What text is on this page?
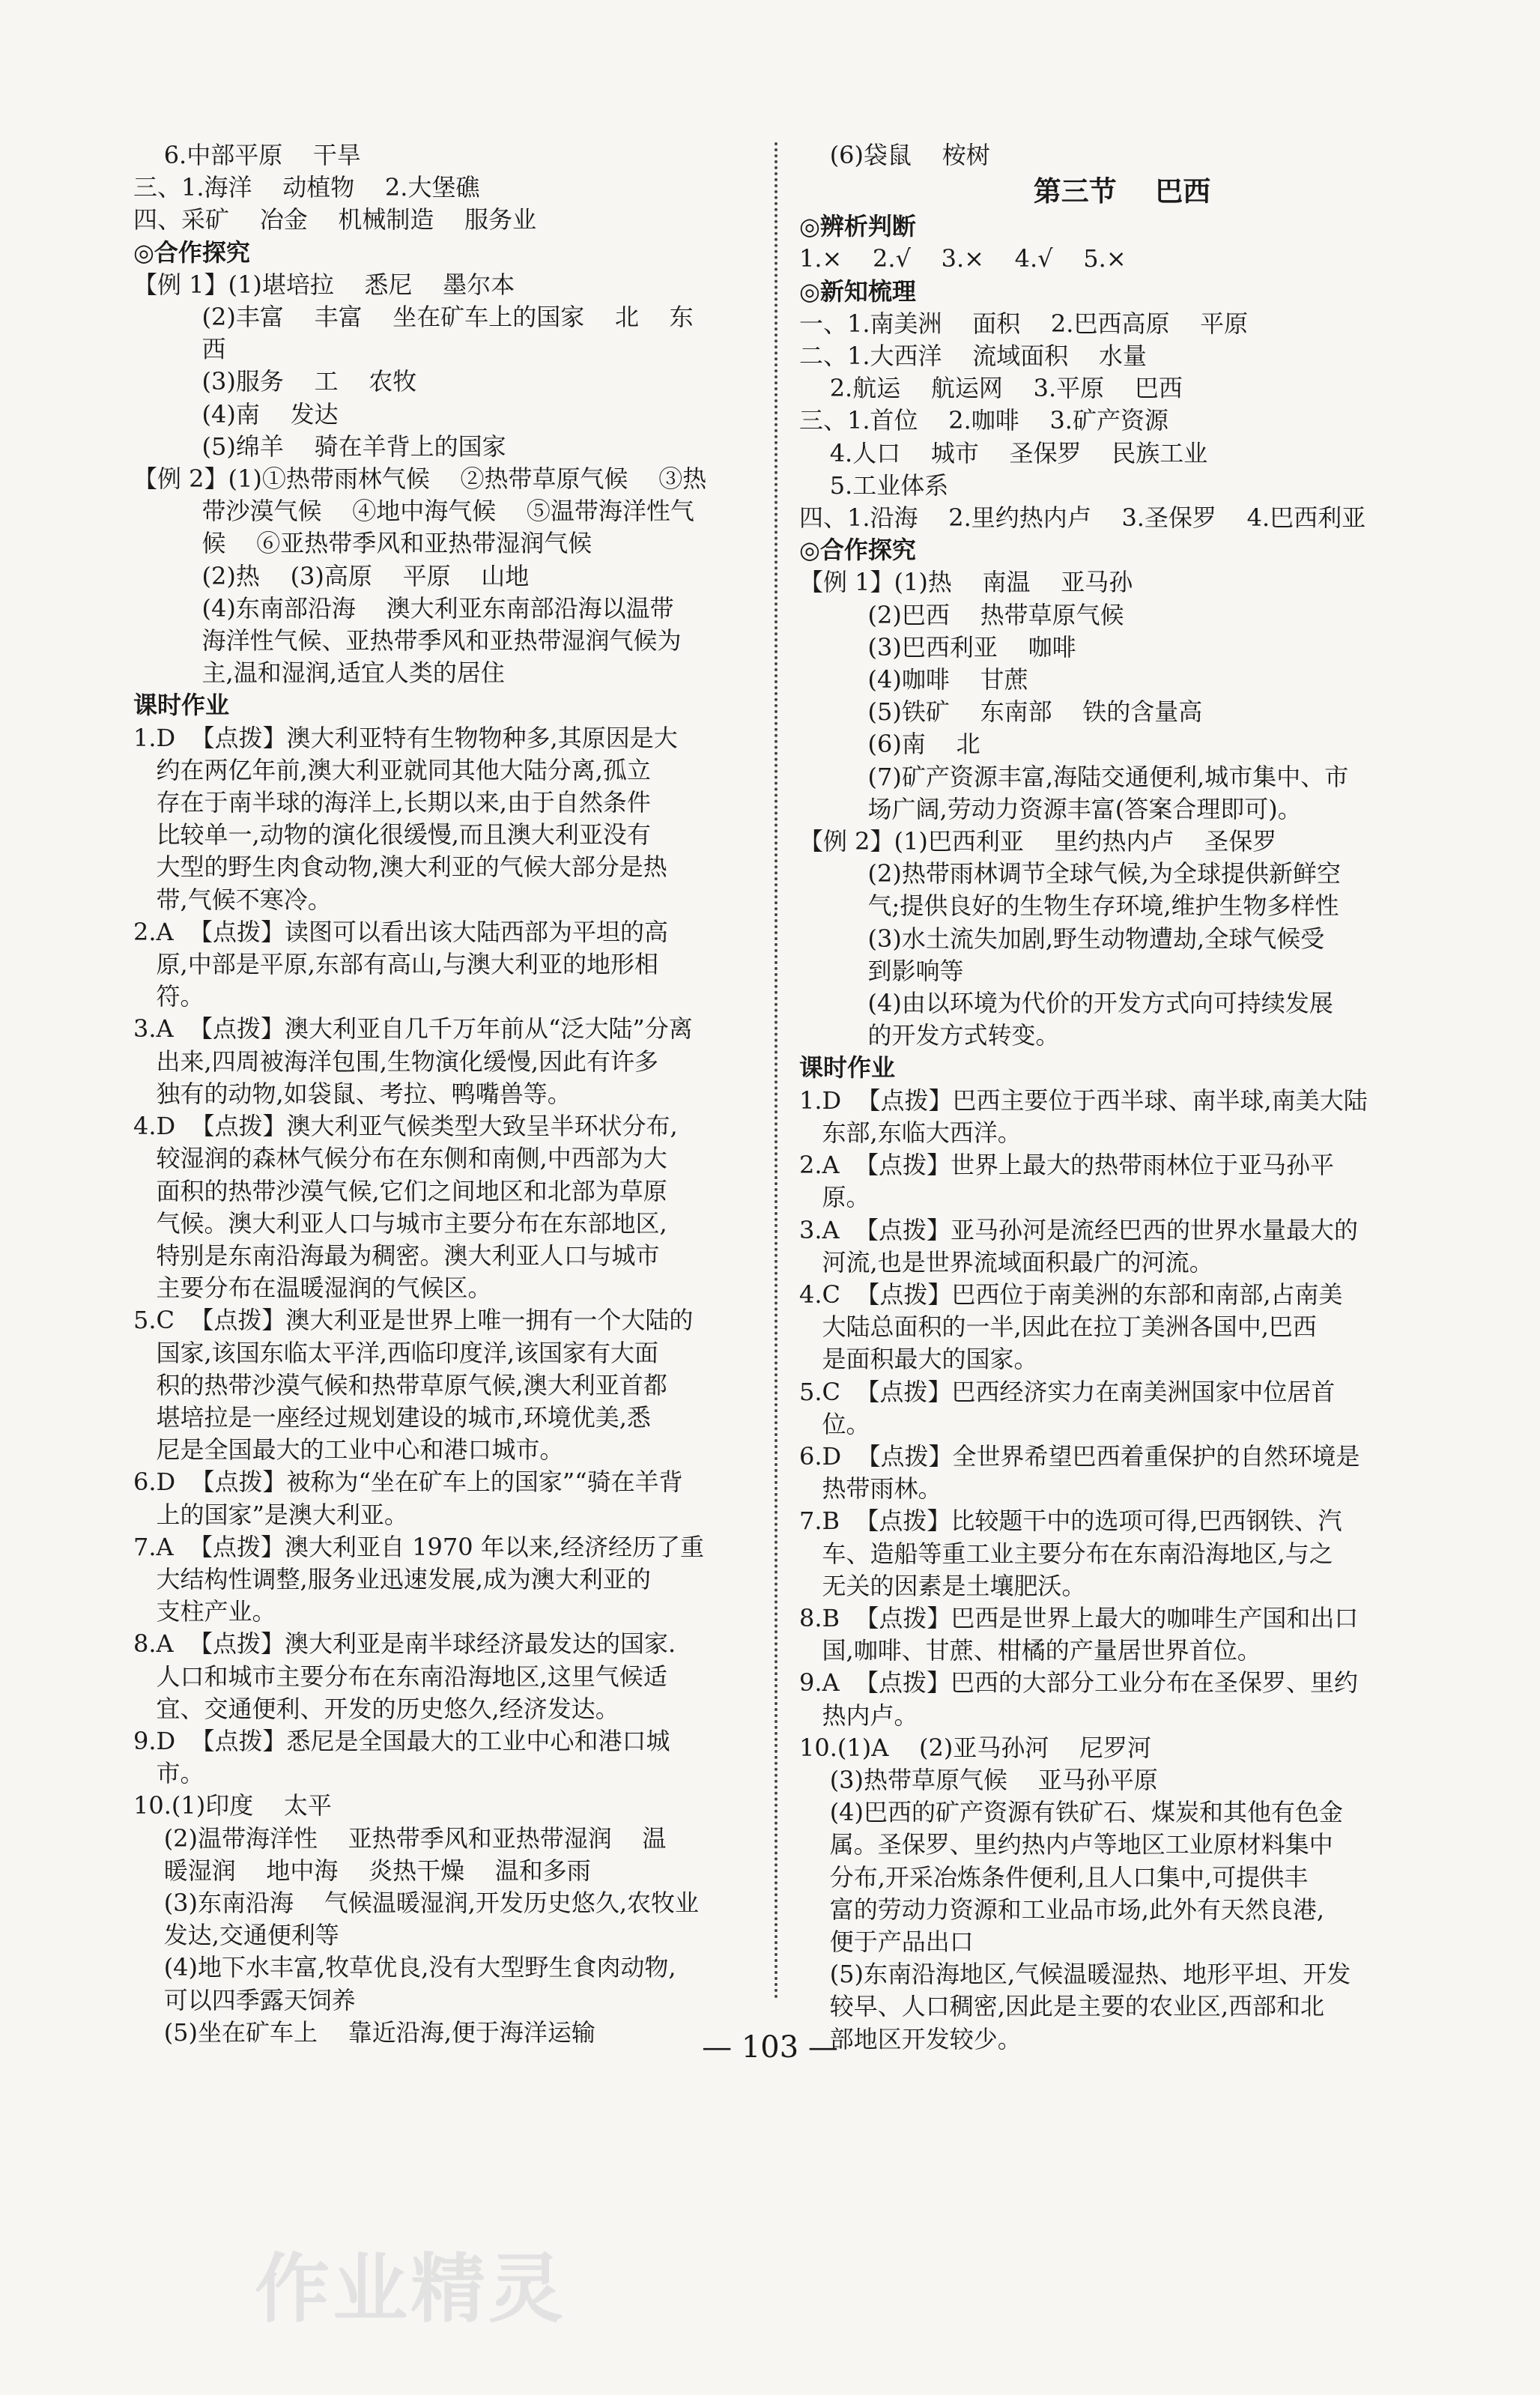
6.中部平原    干旱

三、1.海洋    动植物    2.大堡礁

四、采矿    冶金    机械制造    服务业

◎合作探究

【例 1】(1)堪培拉    悉尼    墨尔本

(2)丰富    丰富    坐在矿车上的国家    北    东

西

(3)服务    工    农牧

(4)南    发达

(5)绵羊    骑在羊背上的国家

【例 2】(1)①热带雨林气候    ②热带草原气候    ③热

带沙漠气候    ④地中海气候    ⑤温带海洋性气

候    ⑥亚热带季风和亚热带湿润气候

(2)热    (3)高原    平原    山地

(4)东南部沿海    澳大利亚东南部沿海以温带

海洋性气候、亚热带季风和亚热带湿润气候为

主,温和湿润,适宜人类的居住

课时作业

1.D  【点拨】澳大利亚特有生物物种多,其原因是大

约在两亿年前,澳大利亚就同其他大陆分离,孤立

存在于南半球的海洋上,长期以来,由于自然条件

比较单一,动物的演化很缓慢,而且澳大利亚没有

大型的野生肉食动物,澳大利亚的气候大部分是热

带,气候不寒冷。

2.A  【点拨】读图可以看出该大陆西部为平坦的高

原,中部是平原,东部有高山,与澳大利亚的地形相

符。

3.A  【点拨】澳大利亚自几千万年前从“泛大陆”分离

出来,四周被海洋包围,生物演化缓慢,因此有许多

独有的动物,如袋鼠、考拉、鸭嘴兽等。

4.D  【点拨】澳大利亚气候类型大致呈半环状分布,

较湿润的森林气候分布在东侧和南侧,中西部为大

面积的热带沙漠气候,它们之间地区和北部为草原

气候。澳大利亚人口与城市主要分布在东部地区,

特别是东南沿海最为稠密。澳大利亚人口与城市

主要分布在温暖湿润的气候区。

5.C  【点拨】澳大利亚是世界上唯一拥有一个大陆的

国家,该国东临太平洋,西临印度洋,该国家有大面

积的热带沙漠气候和热带草原气候,澳大利亚首都

堪培拉是一座经过规划建设的城市,环境优美,悉

尼是全国最大的工业中心和港口城市。

6.D  【点拨】被称为“坐在矿车上的国家”“骑在羊背

上的国家”是澳大利亚。

7.A  【点拨】澳大利亚自 1970 年以来,经济经历了重

大结构性调整,服务业迅速发展,成为澳大利亚的

支柱产业。

8.A  【点拨】澳大利亚是南半球经济最发达的国家.

人口和城市主要分布在东南沿海地区,这里气候适

宜、交通便利、开发的历史悠久,经济发达。

9.D  【点拨】悉尼是全国最大的工业中心和港口城

市。

10.(1)印度    太平

(2)温带海洋性    亚热带季风和亚热带湿润    温

暖湿润    地中海    炎热干燥    温和多雨

(3)东南沿海    气候温暖湿润,开发历史悠久,农牧业

发达,交通便利等

(4)地下水丰富,牧草优良,没有大型野生食肉动物,

可以四季露天饲养

(5)坐在矿车上    靠近沿海,便于海洋运输

(6)袋鼠    桉树

第三节    巴西

◎辨析判断

1.×    2.√    3.×    4.√    5.×

◎新知梳理

一、1.南美洲    面积    2.巴西高原    平原

二、1.大西洋    流域面积    水量

2.航运    航运网    3.平原    巴西

三、1.首位    2.咖啡    3.矿产资源

4.人口    城市    圣保罗    民族工业

5.工业体系

四、1.沿海    2.里约热内卢    3.圣保罗    4.巴西利亚

◎合作探究

【例 1】(1)热    南温    亚马孙

(2)巴西    热带草原气候

(3)巴西利亚    咖啡

(4)咖啡    甘蔗

(5)铁矿    东南部    铁的含量高

(6)南    北

(7)矿产资源丰富,海陆交通便利,城市集中、市

场广阔,劳动力资源丰富(答案合理即可)。

【例 2】(1)巴西利亚    里约热内卢    圣保罗

(2)热带雨林调节全球气候,为全球提供新鲜空

气;提供良好的生物生存环境,维护生物多样性

(3)水土流失加剧,野生动物遭劫,全球气候受

到影响等

(4)由以环境为代价的开发方式向可持续发展

的开发方式转变。

课时作业

1.D  【点拨】巴西主要位于西半球、南半球,南美大陆

东部,东临大西洋。

2.A  【点拨】世界上最大的热带雨林位于亚马孙平

原。

3.A  【点拨】亚马孙河是流经巴西的世界水量最大的

河流,也是世界流域面积最广的河流。

4.C  【点拨】巴西位于南美洲的东部和南部,占南美

大陆总面积的一半,因此在拉丁美洲各国中,巴西

是面积最大的国家。

5.C  【点拨】巴西经济实力在南美洲国家中位居首

位。

6.D  【点拨】全世界希望巴西着重保护的自然环境是

热带雨林。

7.B  【点拨】比较题干中的选项可得,巴西钢铁、汽

车、造船等重工业主要分布在东南沿海地区,与之

无关的因素是土壤肥沃。

8.B  【点拨】巴西是世界上最大的咖啡生产国和出口

国,咖啡、甘蔗、柑橘的产量居世界首位。

9.A  【点拨】巴西的大部分工业分布在圣保罗、里约

热内卢。

10.(1)A    (2)亚马孙河    尼罗河

(3)热带草原气候    亚马孙平原

(4)巴西的矿产资源有铁矿石、煤炭和其他有色金

属。圣保罗、里约热内卢等地区工业原材料集中

分布,开采冶炼条件便利,且人口集中,可提供丰

富的劳动力资源和工业品市场,此外有天然良港,

便于产品出口

(5)东南沿海地区,气候温暖湿热、地形平坦、开发

较早、人口稠密,因此是主要的农业区,西部和北

部地区开发较少。

— 103 —
作业精灵
